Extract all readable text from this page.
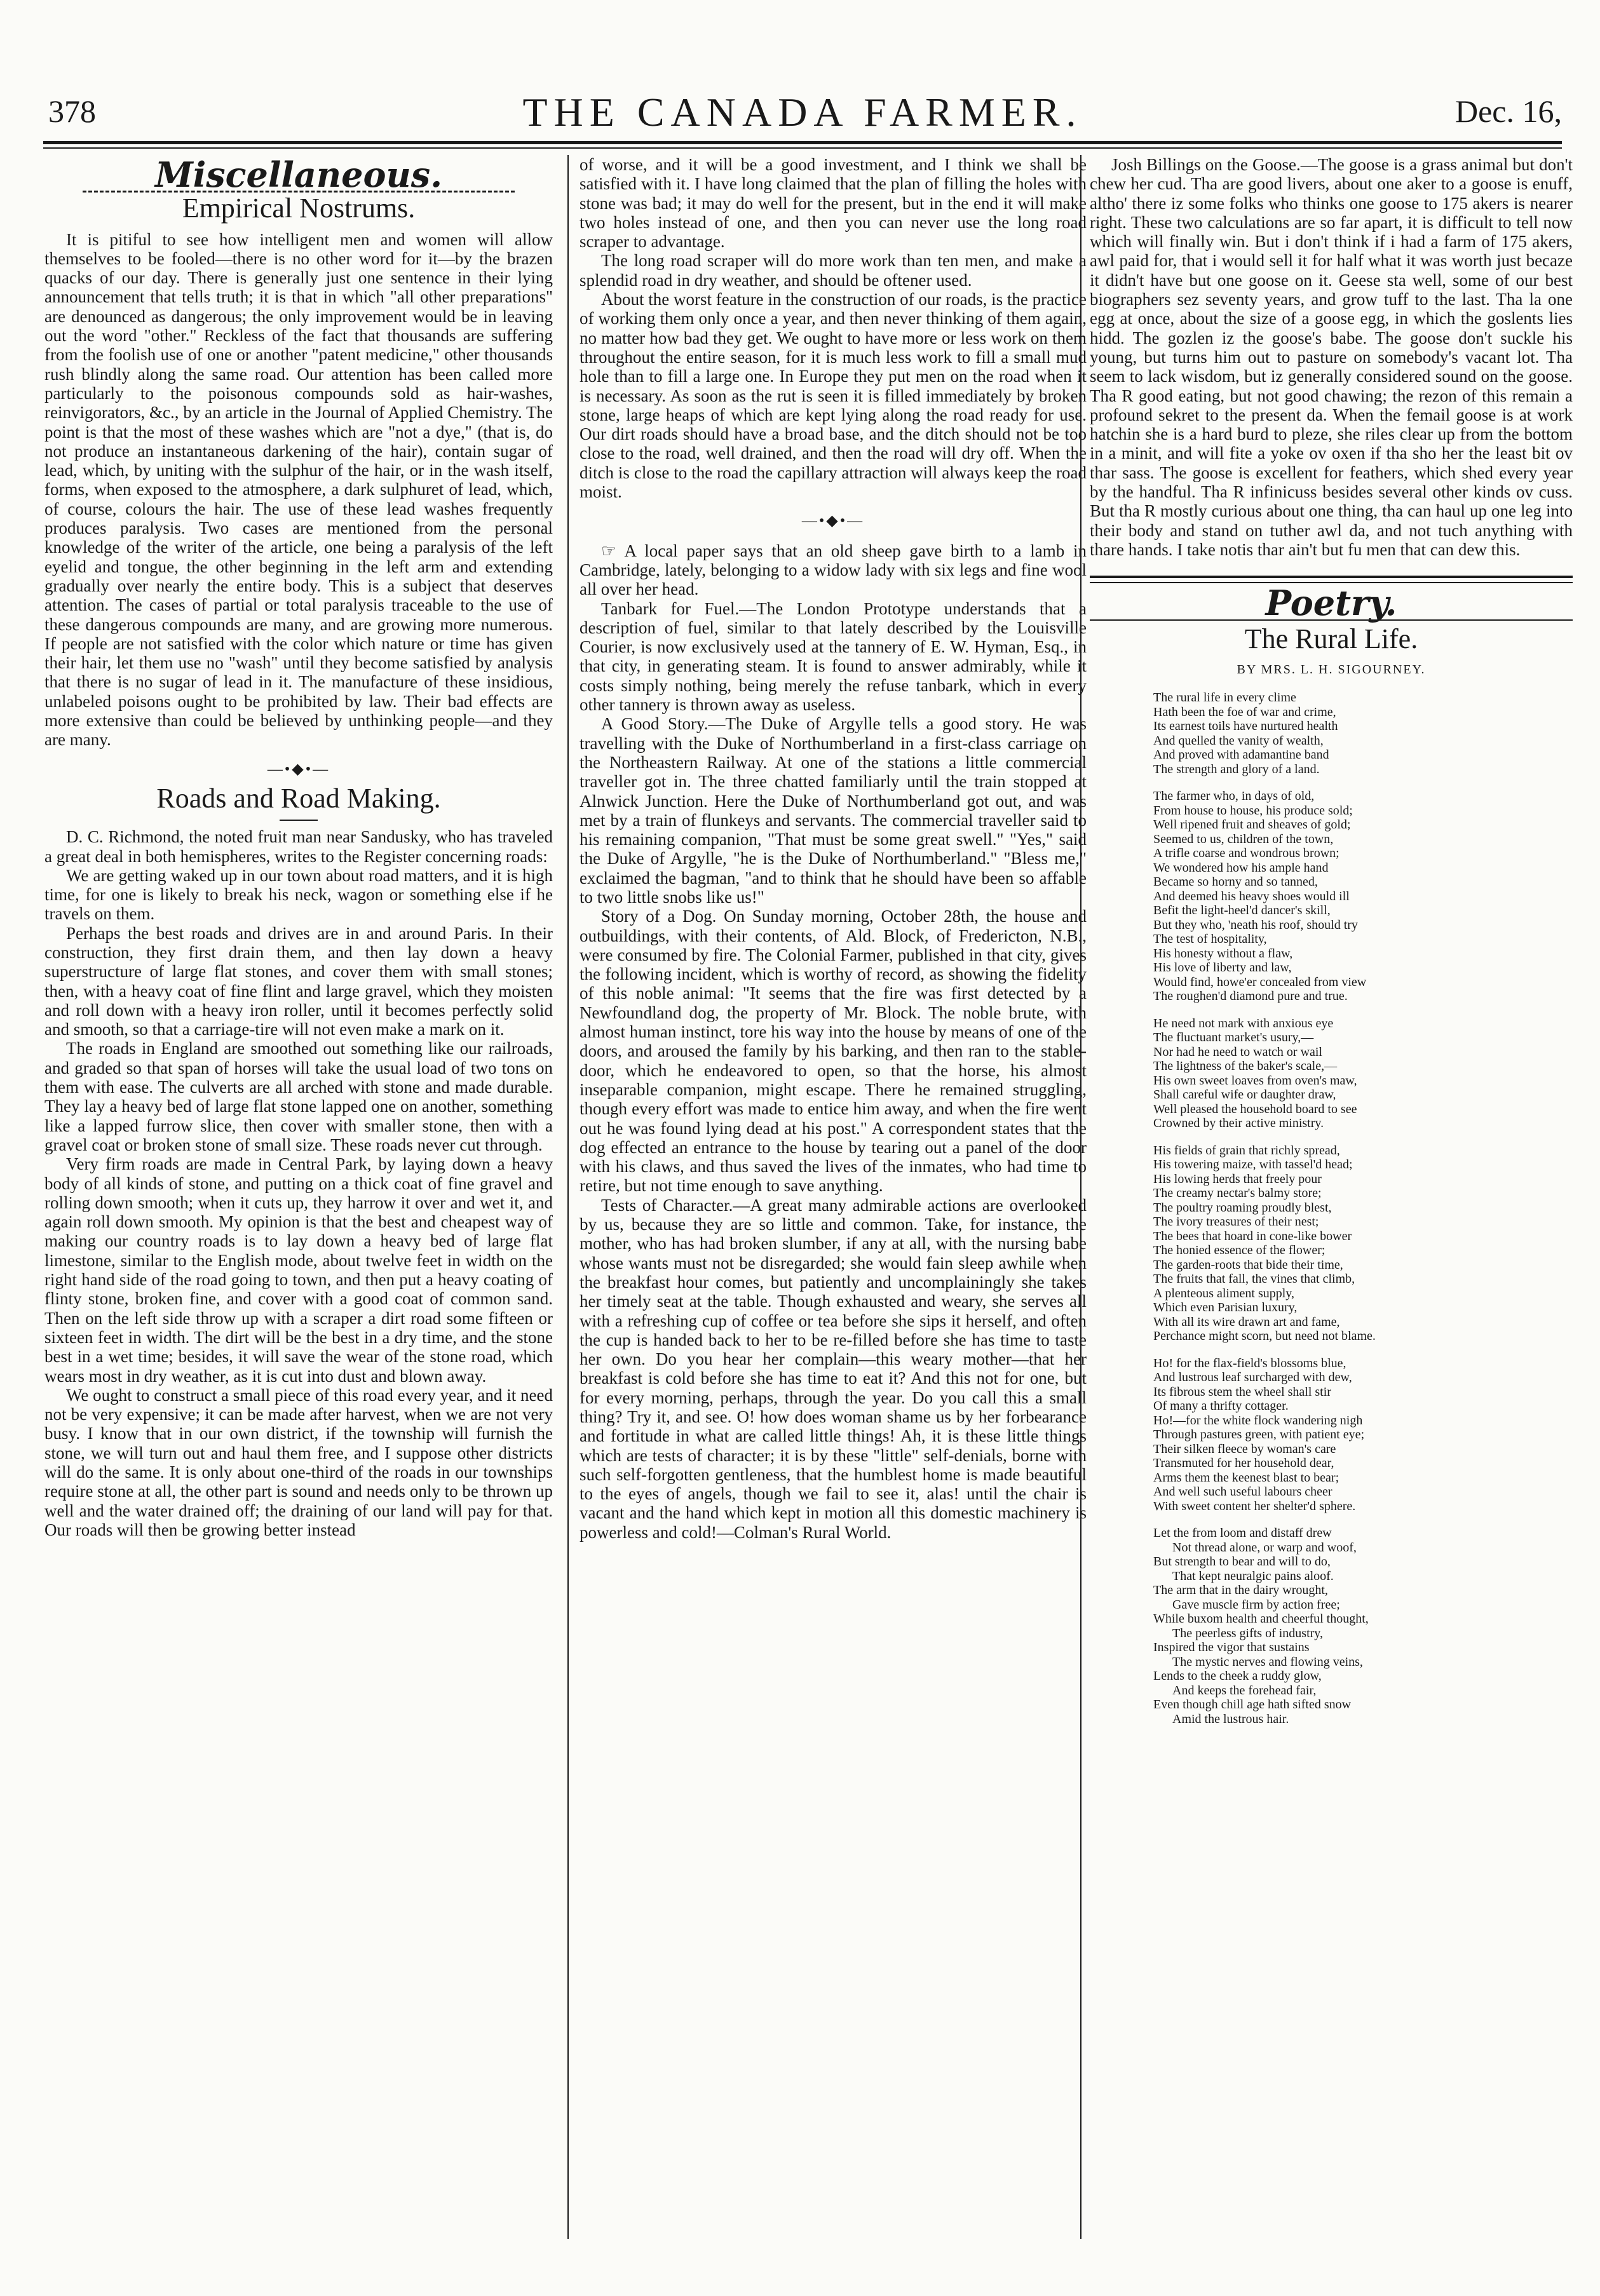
378	THE CANADA FARMER.	Dec. 16,
Miscellaneous.
Empirical Nostrums.

It is pitiful to see how intelligent men and women will allow themselves to be fooled—there is no other word for it—by the brazen quacks of our day. There is generally just one sentence in their lying announcement that tells truth; it is that in which "all other preparations" are denounced as dangerous; the only improvement would be in leaving out the word "other." Reckless of the fact that thousands are suffering from the foolish use of one or another "patent medicine," other thousands rush blindly along the same road. Our attention has been called more particularly to the poisonous compounds sold as hair-washes, reinvigorators, &c., by an article in the Journal of Applied Chemistry. The point is that the most of these washes which are "not a dye," (that is, do not produce an instantaneous darkening of the hair), contain sugar of lead, which, by uniting with the sulphur of the hair, or in the wash itself, forms, when exposed to the atmosphere, a dark sulphuret of lead, which, of course, colours the hair. The use of these lead washes frequently produces paralysis. Two cases are mentioned from the personal knowledge of the writer of the article, one being a paralysis of the left eyelid and tongue, the other beginning in the left arm and extending gradually over nearly the entire body. This is a subject that deserves attention. The cases of partial or total paralysis traceable to the use of these dangerous compounds are many, and are growing more numerous. If people are not satisfied with the color which nature or time has given their hair, let them use no "wash" until they become satisfied by analysis that there is no sugar of lead in it. The manufacture of these insidious, unlabeled poisons ought to be prohibited by law. Their bad effects are more extensive than could be believed by unthinking people—and they are many.

—•◆•—
Roads and Road Making.

D. C. Richmond, the noted fruit man near Sandusky, who has traveled a great deal in both hemispheres, writes to the Register concerning roads:

We are getting waked up in our town about road matters, and it is high time, for one is likely to break his neck, wagon or something else if he travels on them.

Perhaps the best roads and drives are in and around Paris. In their construction, they first drain them, and then lay down a heavy superstructure of large flat stones, and cover them with small stones; then, with a heavy coat of fine flint and large gravel, which they moisten and roll down with a heavy iron roller, until it becomes perfectly solid and smooth, so that a carriage-tire will not even make a mark on it.

The roads in England are smoothed out something like our railroads, and graded so that span of horses will take the usual load of two tons on them with ease. The culverts are all arched with stone and made durable. They lay a heavy bed of large flat stone lapped one on another, something like a lapped furrow slice, then cover with smaller stone, then with a gravel coat or broken stone of small size. These roads never cut through.

Very firm roads are made in Central Park, by laying down a heavy body of all kinds of stone, and putting on a thick coat of fine gravel and rolling down smooth; when it cuts up, they harrow it over and wet it, and again roll down smooth. My opinion is that the best and cheapest way of making our country roads is to lay down a heavy bed of large flat limestone, similar to the English mode, about twelve feet in width on the right hand side of the road going to town, and then put a heavy coating of flinty stone, broken fine, and cover with a good coat of common sand. Then on the left side throw up with a scraper a dirt road some fifteen or sixteen feet in width. The dirt will be the best in a dry time, and the stone best in a wet time; besides, it will save the wear of the stone road, which wears most in dry weather, as it is cut into dust and blown away.

We ought to construct a small piece of this road every year, and it need not be very expensive; it can be made after harvest, when we are not very busy. I know that in our own district, if the township will furnish the stone, we will turn out and haul them free, and I suppose other districts will do the same. It is only about one-third of the roads in our townships require stone at all, the other part is sound and needs only to be thrown up well and the water drained off; the draining of our land will pay for that. Our roads will then be growing better instead

of worse, and it will be a good investment, and I think we shall be satisfied with it. I have long claimed that the plan of filling the holes with stone was bad; it may do well for the present, but in the end it will make two holes instead of one, and then you can never use the long road scraper to advantage.

The long road scraper will do more work than ten men, and make a splendid road in dry weather, and should be oftener used.

About the worst feature in the construction of our roads, is the practice of working them only once a year, and then never thinking of them again, no matter how bad they get. We ought to have more or less work on them throughout the entire season, for it is much less work to fill a small mud hole than to fill a large one. In Europe they put men on the road when it is necessary. As soon as the rut is seen it is filled immediately by broken stone, large heaps of which are kept lying along the road ready for use. Our dirt roads should have a broad base, and the ditch should not be too close to the road, well drained, and then the road will dry off. When the ditch is close to the road the capillary attraction will always keep the road moist.

—•◆•—

☞ A local paper says that an old sheep gave birth to a lamb in Cambridge, lately, belonging to a widow lady with six legs and fine wool all over her head.

Tanbark for Fuel.—The London Prototype understands that a description of fuel, similar to that lately described by the Louisville Courier, is now exclusively used at the tannery of E. W. Hyman, Esq., in that city, in generating steam. It is found to answer admirably, while it costs simply nothing, being merely the refuse tanbark, which in every other tannery is thrown away as useless.

A Good Story.—The Duke of Argylle tells a good story. He was travelling with the Duke of Northumberland in a first-class carriage on the Northeastern Railway. At one of the stations a little commercial traveller got in. The three chatted familiarly until the train stopped at Alnwick Junction. Here the Duke of Northumberland got out, and was met by a train of flunkeys and servants. The commercial traveller said to his remaining companion, "That must be some great swell." "Yes," said the Duke of Argylle, "he is the Duke of Northumberland." "Bless me," exclaimed the bagman, "and to think that he should have been so affable to two little snobs like us!"

Story of a Dog. On Sunday morning, October 28th, the house and outbuildings, with their contents, of Ald. Block, of Fredericton, N.B., were consumed by fire. The Colonial Farmer, published in that city, gives the following incident, which is worthy of record, as showing the fidelity of this noble animal: "It seems that the fire was first detected by a Newfoundland dog, the property of Mr. Block. The noble brute, with almost human instinct, tore his way into the house by means of one of the doors, and aroused the family by his barking, and then ran to the stable-door, which he endeavored to open, so that the horse, his almost inseparable companion, might escape. There he remained struggling, though every effort was made to entice him away, and when the fire went out he was found lying dead at his post." A correspondent states that the dog effected an entrance to the house by tearing out a panel of the door with his claws, and thus saved the lives of the inmates, who had time to retire, but not time enough to save anything.

Tests of Character.—A great many admirable actions are overlooked by us, because they are so little and common. Take, for instance, the mother, who has had broken slumber, if any at all, with the nursing babe whose wants must not be disregarded; she would fain sleep awhile when the breakfast hour comes, but patiently and uncomplainingly she takes her timely seat at the table. Though exhausted and weary, she serves all with a refreshing cup of coffee or tea before she sips it herself, and often the cup is handed back to her to be re-filled before she has time to taste her own. Do you hear her complain—this weary mother—that her breakfast is cold before she has time to eat it? And this not for one, but for every morning, perhaps, through the year. Do you call this a small thing? Try it, and see. O! how does woman shame us by her forbearance and fortitude in what are called little things! Ah, it is these little things which are tests of character; it is by these "little" self-denials, borne with such self-forgotten gentleness, that the humblest home is made beautiful to the eyes of angels, though we fail to see it, alas! until the chair is vacant and the hand which kept in motion all this domestic machinery is powerless and cold!—Colman's Rural World.

Josh Billings on the Goose.—The goose is a grass animal but don't chew her cud. Tha are good livers, about one aker to a goose is enuff, altho' there iz some folks who thinks one goose to 175 akers is nearer right. These two calculations are so far apart, it is difficult to tell now which will finally win. But i don't think if i had a farm of 175 akers, awl paid for, that i would sell it for half what it was worth just becaze it didn't have but one goose on it. Geese sta well, some of our best biographers sez seventy years, and grow tuff to the last. Tha la one egg at once, about the size of a goose egg, in which the goslents lies hidd. The gozlen iz the goose's babe. The goose don't suckle his young, but turns him out to pasture on somebody's vacant lot. Tha seem to lack wisdom, but iz generally considered sound on the goose. Tha R good eating, but not good chawing; the rezon of this remain a profound sekret to the present da. When the femail goose is at work hatchin she is a hard burd to pleze, she riles clear up from the bottom in a minit, and will fite a yoke ov oxen if tha sho her the least bit ov thar sass. The goose is excellent for feathers, which shed every year by the handful. Tha R infinicuss besides several other kinds ov cuss. But tha R mostly curious about one thing, tha can haul up one leg into their body and stand on tuther awl da, and not tuch anything with thare hands. I take notis thar ain't but fu men that can dew this.

Poetry.
The Rural Life.
BY MRS. L. H. SIGOURNEY.
The rural life in every clime
Hath been the foe of war and crime,
Its earnest toils have nurtured health
And quelled the vanity of wealth,
And proved with adamantine band
The strength and glory of a land.
The farmer who, in days of old,
From house to house, his produce sold;
Well ripened fruit and sheaves of gold;
Seemed to us, children of the town,
A trifle coarse and wondrous brown;
We wondered how his ample hand
Became so horny and so tanned,
And deemed his heavy shoes would ill
Befit the light-heel'd dancer's skill,
But they who, 'neath his roof, should try
The test of hospitality,
His honesty without a flaw,
His love of liberty and law,
Would find, howe'er concealed from view
The roughen'd diamond pure and true.
He need not mark with anxious eye
The fluctuant market's usury,—
Nor had he need to watch or wail
The lightness of the baker's scale,—
His own sweet loaves from oven's maw,
Shall careful wife or daughter draw,
Well pleased the household board to see
Crowned by their active ministry.
His fields of grain that richly spread,
His towering maize, with tassel'd head;
His lowing herds that freely pour
The creamy nectar's balmy store;
The poultry roaming proudly blest,
The ivory treasures of their nest;
The bees that hoard in cone-like bower
The honied essence of the flower;
The garden-roots that bide their time,
The fruits that fall, the vines that climb,
A plenteous aliment supply,
Which even Parisian luxury,
With all its wire drawn art and fame,
Perchance might scorn, but need not blame.
Ho! for the flax-field's blossoms blue,
And lustrous leaf surcharged with dew,
Its fibrous stem the wheel shall stir
Of many a thrifty cottager.
Ho!—for the white flock wandering nigh
Through pastures green, with patient eye;
Their silken fleece by woman's care
Transmuted for her household dear,
Arms them the keenest blast to bear;
And well such useful labours cheer
With sweet content her shelter'd sphere.
Let the from loom and distaff drew
Not thread alone, or warp and woof,
But strength to bear and will to do,
That kept neuralgic pains aloof.
The arm that in the dairy wrought,
Gave muscle firm by action free;
While buxom health and cheerful thought,
The peerless gifts of industry,
Inspired the vigor that sustains
The mystic nerves and flowing veins,
Lends to the cheek a ruddy glow,
And keeps the forehead fair,
Even though chill age hath sifted snow
Amid the lustrous hair.
